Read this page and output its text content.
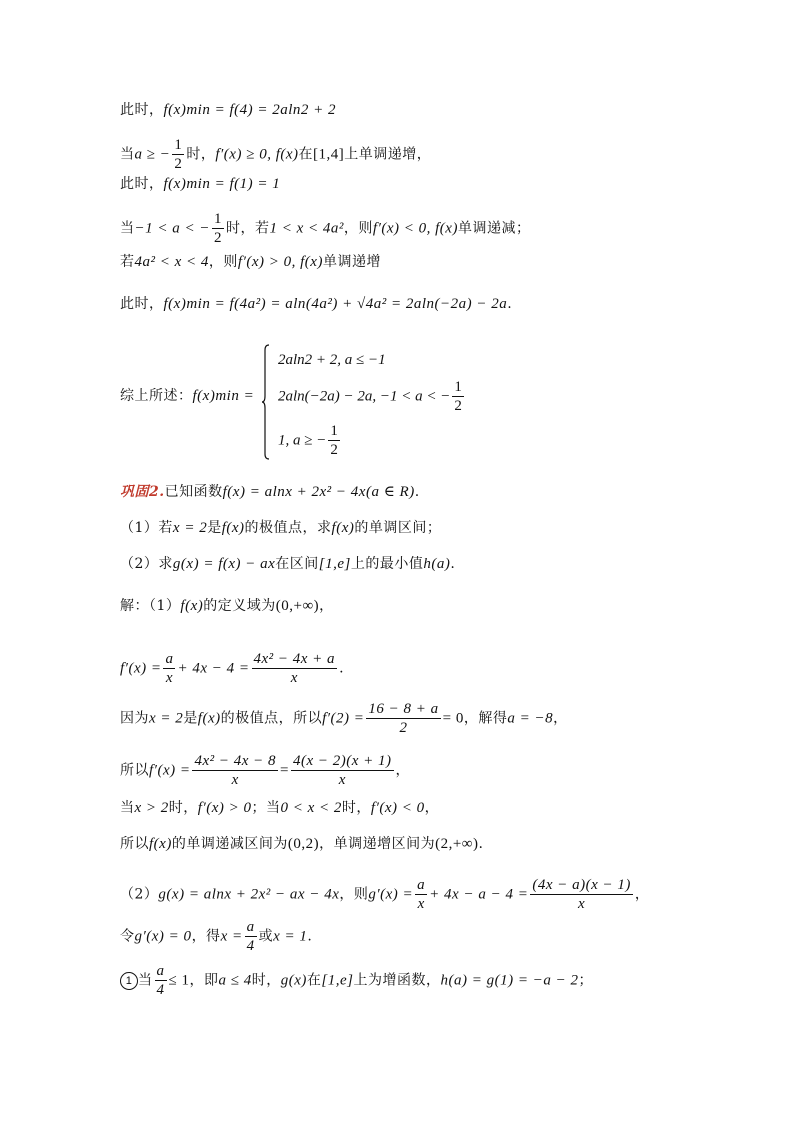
此时，f(x)min = f(4) = 2aln2 + 2
当a ≥ − $\frac{1}{2}$ 时，f′(x) ≥ 0, f(x)在[1,4]上单调递增，
此时，f(x)min = f(1) = 1
当−1 < a < − $\frac{1}{2}$ 时，若1 < x < 4a²，则f′(x) < 0, f(x)单调递减；
若4a² < x < 4，则f′(x) > 0, f(x)单调递增
此时，f(x)min = f(4a²) = aln(4a²) + √4a² = 2aln(−2a) − 2a.
综上所述：f(x)min =
2aln2 + 2, a ≤ −1
2aln(−2a) − 2a, −1 < a < − $\frac{1}{2}$
1, a ≥ − $\frac{1}{2}$
巩固2.已知函数f(x) = alnx + 2x² − 4x(a ∈ R).
（1）若x = 2是f(x)的极值点，求f(x)的单调区间；
（2）求g(x) = f(x) − ax在区间[1,e]上的最小值h(a).
解：（1）f(x)的定义域为(0,+∞)，
$f'(x) = \frac{a}{x} + 4x - 4 = \frac{\text{4x² − 4x + a}}{x}$ .
因为x = 2是f(x)的极值点，所以$f'(2) = \frac{16 - 8 + a}{2} = 0$，解得a = −8，
所以$f'(x) = \frac{\text{4x² − 4x − 8}}{x} = \frac{4(x - 2)(x + 1)}{x}$ ，
当x > 2时，f′(x) > 0；当0 < x < 2时，f′(x) < 0，
所以f(x)的单调递减区间为(0,2)，单调递增区间为(2,+∞).
（2）g(x) = alnx + 2x² − ax − 4x，则$g'(x) = \frac{a}{x} + 4x - a - 4 = \frac{(4x - a)(x - 1)}{x}$ ，
令g′(x) = 0，得$x = \frac{a}{4}$ 或x = 1.
1 当 $\frac{a}{4} \le 1$，即a ≤ 4时，g(x)在[1,e]上为增函数，h(a) = g(1) = −a − 2；
